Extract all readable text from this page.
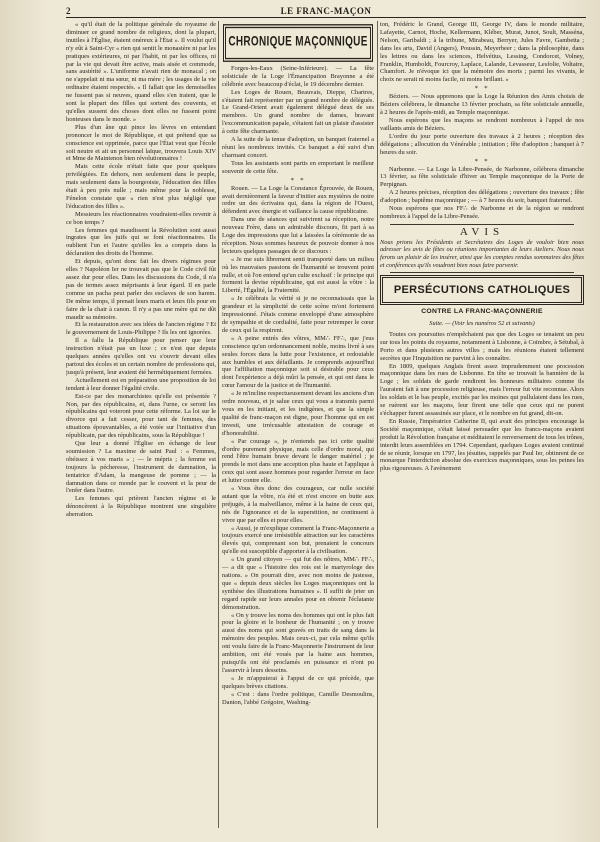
2	LE FRANC-MAÇON

« qu'il était de la politique générale du royaume de diminuer ce grand nombre de religieux, dont la plupart, inutiles à l'Église, étaient onéreux à l'État ». Il voulut qu'il n'y eût à Saint-Cyr « rien qui sentit le monastère ni par les pratiques extérieures, ni par l'habit, ni par les offices, ni par la vie qui devait être active, mais aisée et commode, sans austérité ». L'uniforme n'avait rien de monacal ; on ne s'appelait ni ma sœur, ni ma mère ; les usages de la vie ordinaire étaient respectés. « Il fallait que les demoiselles ne fussent pas si neuves, quand elles s'en iraient, que le sont la plupart des filles qui sortent des couvents, et qu'elles sussent des choses dont elles ne fussent point honteuses dans le monde. »

Plus d'un âne qui pince les lèvres en entendant prononcer le mot de République, et qui prétend que sa conscience est opprimée, parce que l'État veut que l'école soit neutre et ait un personnel laïque, trouvera Louis XIV et Mme de Maintenon bien révolutionnaires !

Mais cette école n'était faite que pour quelques privilégiées. En dehors, non seulement dans le peuple, mais seulement dans la bourgeoisie, l'éducation des filles était à peu près nulle ; mais même pour la noblesse, Fénelon constate que « rien n'est plus négligé que l'éducation des filles ».

Messieurs les réactionnaires voudraient-elles revenir à ce bon temps ?

Les femmes qui maudissent la Révolution sont aussi ingrates que les juifs qui se font réactionnaires. Ils oublient l'un et l'autre qu'elles les a compris dans la déclaration des droits de l'homme.

Et depuis, qu'ont donc fait les divers régimes pour elles ? Napoléon Ier ne trouvait pas que le Code civil fût assez dur pour elles. Dans les discussions du Code, il n'a pas de termes assez méprisants à leur égard. Il en parle comme un pacha peut parler des esclaves de son harem. De même temps, il prenait leurs maris et leurs fils pour en faire de la chair à canon. Il n'y a pas une mère qui ne dût maudir sa mémoire.

Et la restauration avec ses idées de l'ancien régime ? Et le gouvernement de Louis-Philippe ? Ils les ont ignorées.

Il a fallu la République pour penser que leur instruction n'était pas un luxe ; ce n'est que depuis quelques années qu'elles ont vu s'ouvrir devant elles partout des écoles et un certain nombre de professions qui, jusqu'à présent, leur avaient été hermétiquement fermées.

Actuellement est en préparation une proposition de loi tendant à leur donner l'égalité civile.

Est-ce par des monarchistes qu'elle est présentée ? Non, par des républicains, et, dans l'urne, ce seront les républicains qui voteront pour cette réforme. La loi sur le divorce qui a fait cesser, pour tant de femmes, des situations épouvantables, a été votée sur l'initiative d'un républicain, par des républicains, sous la République !

Que leur a donné l'Église en échange de leur soumission ? La maxime de saint Paul : « Femmes, obéissez à vos maris » ; — le mépris ; la femme est toujours la pécheresse, l'instrument de damnation, la tentatrice d'Adam, la mangeuse de pomme ; — la damnation dans ce monde par le couvent et la peur de l'enfer dans l'autre.

Les femmes qui prièrent l'ancien régime et le dénoncèrent à la République montrent une singulière aberration.

CHRONIQUE MAÇONNIQUE

Forges-les-Eaux (Seine-Inférieure). — La fête solsticiale de la Loge l'Émancipation Brayonne a été célébrée avec beaucoup d'éclat, le 19 décembre dernier.

Les Loges de Rouen, Beauvais, Dieppe, Chartres, s'étaient fait représenter par un grand nombre de délégués. Le Grand-Orient avait également délégué deux de ses membres. Un grand nombre de dames, bravant l'excommunication papale, s'étaient fait un plaisir d'assister à cette fête charmante.

A la suite de la tenue d'adoption, un banquet fraternel a réuni les nombreux invités. Ce banquet a été suivi d'un charmant concert.

Tous les assistants sont partis en emportant le meilleur souvenir de cette fête.

∗ ∗

Rouen. — La Loge la Constance Éprouvée, de Rouen, avait dernièrement la faveur d'initier aux mystères de notre ordre un des écrivains qui, dans la région de l'Ouest, défendent avec énergie et vaillance la cause républicaine.

Dans une de séances qui suivirent sa réception, notre nouveau Frère, dans un admirable discours, fit part à sa Loge des impressions que lui a laissées la cérémonie de sa réception. Nous sommes heureux de pouvoir donner à nos lecteurs quelques passages de ce discours :

« Je me suis librement senti transporté dans un milieu où les mauvaises passions de l'humanité se trouvent point nulle, et où l'on entend qu'un culte exclusif : le principe qui forment la devise républicaine, qui est aussi la vôtre : la Liberté, l'Égalité, la Fraternité.

« Je célébrais la vérité si je ne reconnaissais que la grandeur et la simplicité de cette scène m'ont fortement impressionné. J'étais comme enveloppé d'une atmosphère de sympathie et de cordialité, faite pour retremper le cœur de ceux qui la respirent.

« A peine entrés des vôtres, MM∴ FF∴, que j'eus conscience qu'un ordonnancement noble, moins livré à ses seules forces dans la lutte pour l'existence, et redoutable aux humbles et aux défaillants. Je comprends aujourd'hui que l'affiliation maçonnique soit si désirable pour ceux dont l'expérience a déjà mûri la pensée, et qui ont dans le cœur l'amour de la justice et de l'humanité.

« Je m'incline respectueusement devant les anciens d'un ordre nouveau, et je salue ceux qui vous a transmis parmi vous en les initiant, et les indigènes, et que la simple qualité de franc-maçon est digne, pour l'homme qui en est investi, une irrécusable attestation de courage et d'honorabilité.

« Par courage », je n'entends pas ici cette qualité d'ordre purement physique, mais celle d'ordre moral, qui rend l'être humain brave devant le danger matériel ; je prends le mot dans une acception plus haute et l'applique à ceux qui sont assez hommes pour regarder l'erreur en face et lutter contre elle.

« Vous êtes donc des courageux, car nulle société autant que la vôtre, n'a été et n'est encore en butte aux préjugés, à la malveillance, même à la haine de ceux qui, nés de l'ignorance et de la superstition, ne continuent à vivre que par elles et pour elles.

« Aussi, je m'explique comment la Franc-Maçonnerie a toujours exercé une irrésistible attraction sur les caractères élevés qui, comprenant son but, prenaient le concours qu'elle est susceptible d'apporter à la civilisation.

« Un grand citoyen — qui fut des nôtres, MM∴ FF∴, — a dit que « l'histoire des rois est le martyrologe des nations. » On pourrait dire, avec non moins de justesse, que « depuis deux siècles les Loges maçonniques ont la synthèse des illustrations humaines ». Il suffit de jeter un regard rapide sur leurs annales pour en obtenir l'éclatante démonstration.

« On y trouve les noms des hommes qui ont le plus fait pour la gloire et le bonheur de l'humanité ; on y trouve aussi des noms qui sont gravés en traits de sang dans la mémoire des peuples. Mais ceux-ci, par cela même qu'ils ont voulu faire de la Franc-Maçonnerie l'instrument de leur ambition, ont été voués par la haine aux hommes, puisqu'ils ont été proclamés en puissance et n'ont pu l'asservir à leurs desseins.

« Je m'appuierai à l'appui de ce qui précède, que quelques brèves citations.

« C'est : dans l'ordre politique, Camille Desmoulins, Danton, l'abbé Grégoire, Washing-

ton, Frédéric le Grand, George III, George IV, dans le monde militaire, Lafayette, Carnot, Hoche, Kellermann, Kléber, Murat, Junot, Soult, Masséna, Nelson, Garibaldi ; à la tribune, Mirabeau, Berryer, Jules Favre, Gambetta ; dans les arts, David (Angers), Poussin, Meyerbeer ; dans la philosophie, dans les lettres ou dans les sciences, Helvétius, Lessing, Condorcet, Volney, Franklin, Humboldt, Fourcroy, Laplace, Lalande, Levasseur, Lesfolie, Voltaire, Chamfort. Je n'évoque ici que la mémoire des morts ; parmi les vivants, le choix ne serait ni moins facile, ni moins brillant. »

∗ ∗

Béziers. — Nous apprenons que la Loge la Réunion des Amis choisis de Béziers célébrera, le dimanche 13 février prochain, sa fête solsticiale annuelle, à 2 heures de l'après-midi, au Temple maçonnique.

Nous espérons que les maçons se rendront nombreux à l'appel de nos vaillants amis de Béziers.

L'ordre du jour porte ouverture des travaux à 2 heures ; réception des délégations ; allocution du Vénérable ; initiation ; fête d'adoption ; banquet à 7 heures du soir.

∗ ∗

Narbonne. — La Loge la Libre-Pensée, de Narbonne, célébrera dimanche 13 février, sa fête solsticiale d'hiver au Temple maçonnique de la Porte de Perpignan.

A 2 heures précises, réception des délégations ; ouverture des travaux ; fête d'adoption ; baptême maçonnique ; — à 7 heures du soir, banquet fraternel.

Nous espérons que nos FF∴ de Narbonne et de la région se rendront nombreux à l'appel de la Libre-Pensée.

AVIS
Nous prions les Présidents et Secrétaires des Loges de vouloir bien nous adresser les avis de fêtes ou réunions importantes de leurs Ateliers. Nous nous ferons un plaisir de les insérer, ainsi que les comptes rendus sommaires des fêtes et conférences qu'ils voudront bien nous faire parvenir.
PERSÉCUTIONS CATHOLIQUES
CONTRE LA FRANC-MAÇONNERIE
Suite. — (Voir les numéros 52 et suivants)

Toutes ces poursuites n'empêchaient pas que des Loges se tenaient un peu sur tous les points du royaume, notamment à Lisbonne, à Coïmbre, à Sétubal, à Porto et dans plusieurs autres villes ; mais les réunions étaient tellement secrètes que l'Inquisition ne parvint à les connaître.

En 1809, quelques Anglais firent assez imprudemment une procession maçonnique dans les rues de Lisbonne. En tête se trouvait la bannière de la Loge ; les soldats de garde rendirent les honneurs militaires comme ils l'auraient fait à une procession religieuse, mais l'erreur fut vite reconnue. Alors les soldats et le bas peuple, excités par les moines qui pullulaient dans les rues, se ruèrent sur les maçons, leur firent une telle que ceux qui ne purent s'échapper furent assassinés sur place, et le nombre en fut grand, dit-on.

En Russie, l'impératrice Catherine II, qui avait des principes encourage la Société maçonnique, s'était laissé persuader que les francs-maçons avaient produit la Révolution française et méditaient le renversement de tous les trônes, interdit leurs assemblées en 1794. Cependant, quelques Loges avaient continué de se réunir, lorsque en 1797, les jésuites, rappelés par Paul Ier, obtinrent de ce monarque l'interdiction absolue des exercices maçonniques, sous les peines les plus rigoureuses. A l'avènement
